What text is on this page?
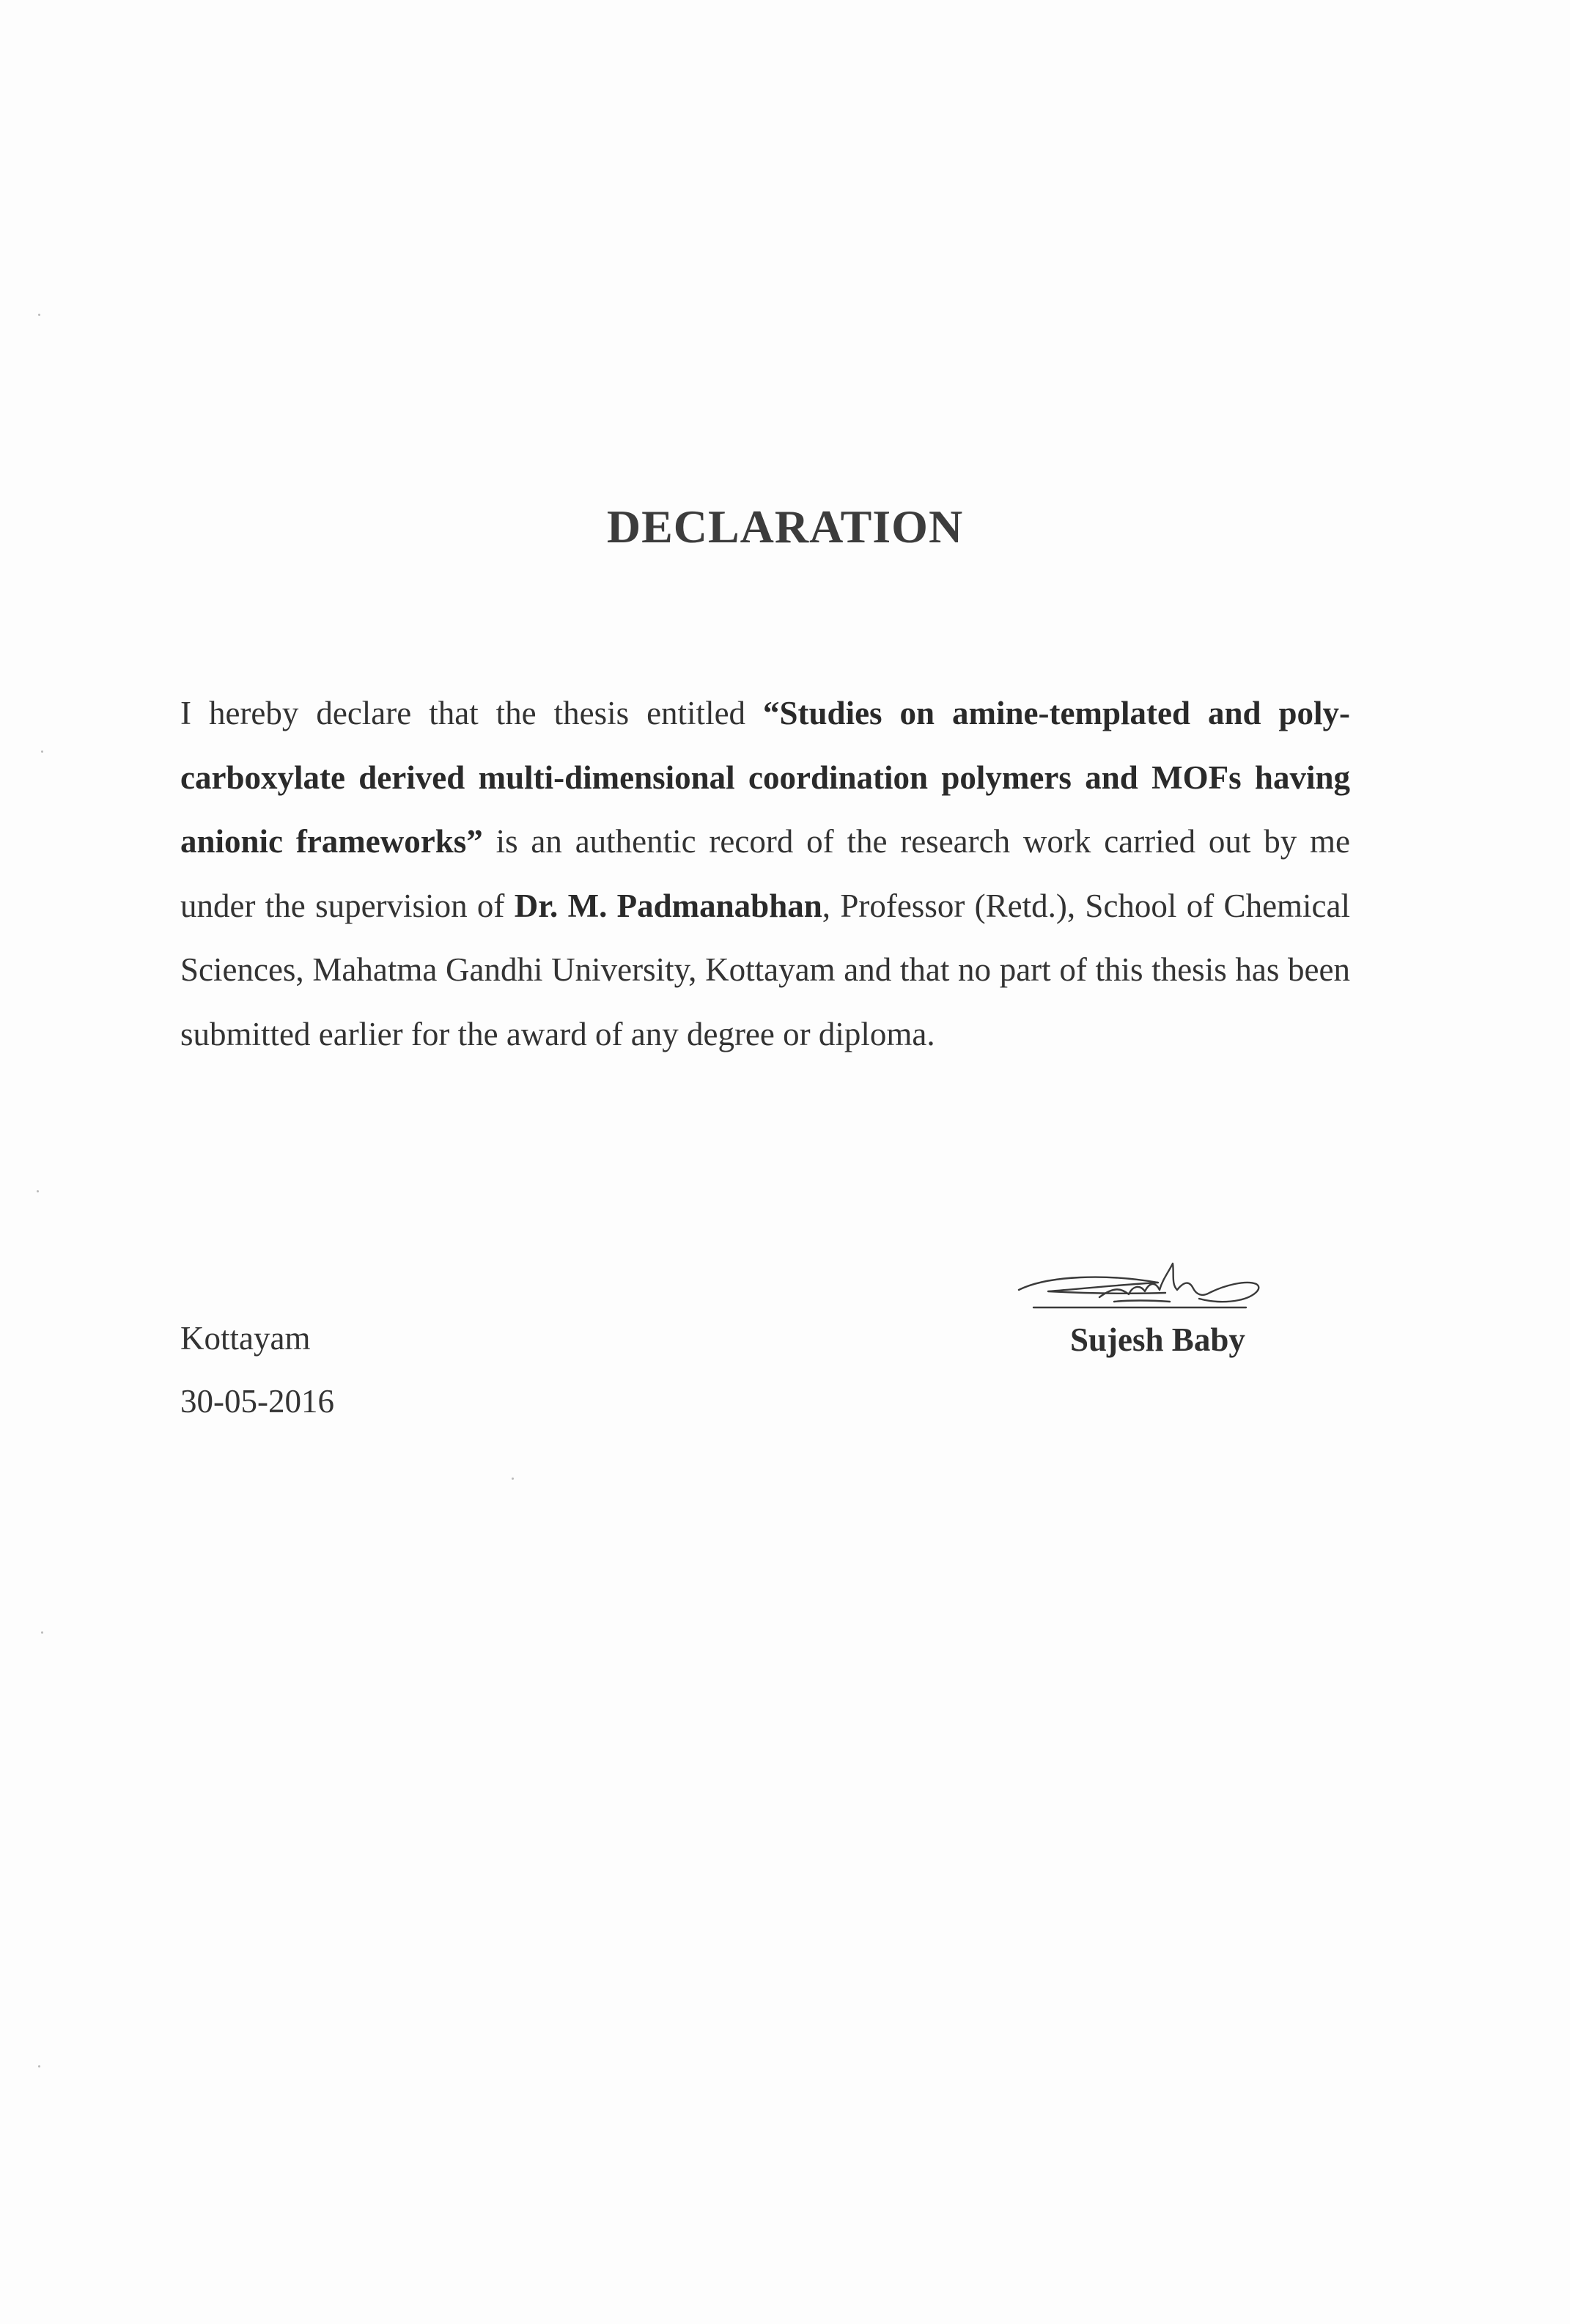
DECLARATION

I hereby declare that the thesis entitled “Studies on amine-templated and poly-carboxylate derived multi-dimensional coordination polymers and MOFs having anionic frameworks” is an authentic record of the research work carried out by me under the supervision of Dr. M. Padmanabhan, Professor (Retd.), School of Chemical Sciences, Mahatma Gandhi University, Kottayam and that no part of this thesis has been submitted earlier for the award of any degree or diploma.

Kottayam

30-05-2016

Sujesh Baby
